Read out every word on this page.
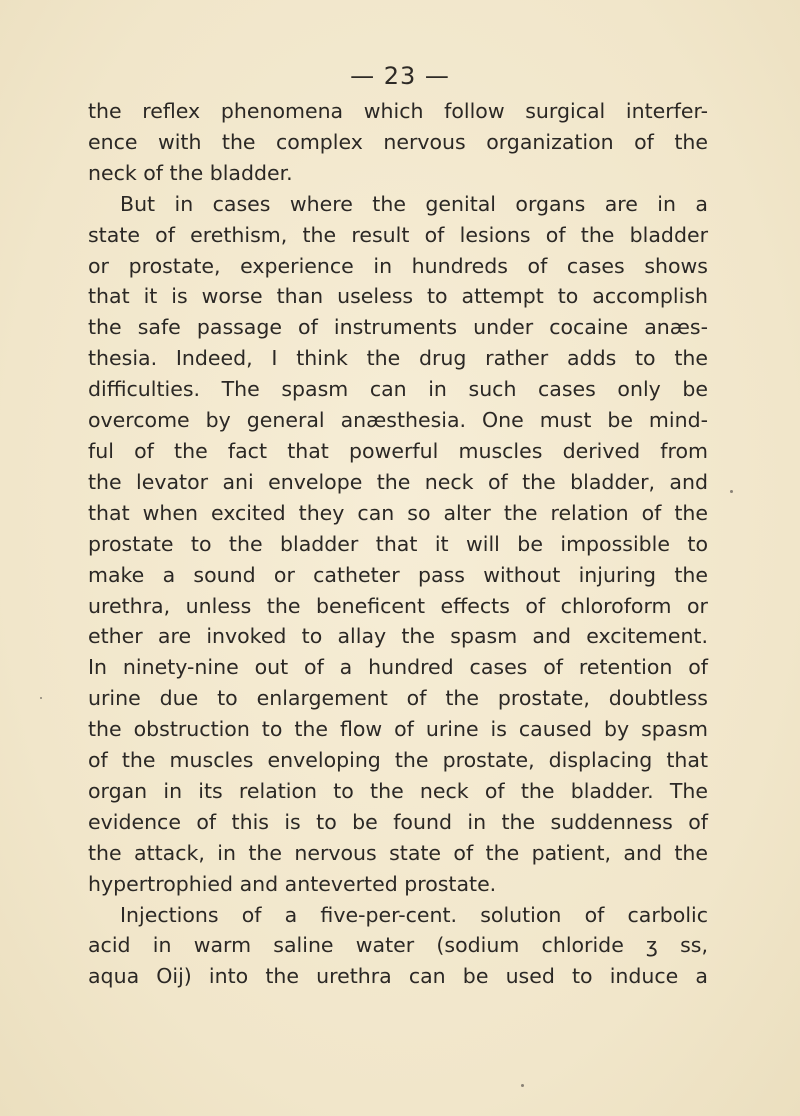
— 23 —
the reflex phenomena which follow surgical interfer-
ence with the complex nervous organization of the
neck of the bladder.
But in cases where the genital organs are in a
state of erethism, the result of lesions of the bladder
or prostate, experience in hundreds of cases shows
that it is worse than useless to attempt to accomplish
the safe passage of instruments under cocaine anæs-
thesia. Indeed, I think the drug rather adds to the
difficulties. The spasm can in such cases only be
overcome by general anæsthesia. One must be mind-
ful of the fact that powerful muscles derived from
the levator ani envelope the neck of the bladder, and
that when excited they can so alter the relation of the
prostate to the bladder that it will be impossible to
make a sound or catheter pass without injuring the
urethra, unless the beneficent effects of chloroform or
ether are invoked to allay the spasm and excitement.
In ninety-nine out of a hundred cases of retention of
urine due to enlargement of the prostate, doubtless
the obstruction to the flow of urine is caused by spasm
of the muscles enveloping the prostate, displacing that
organ in its relation to the neck of the bladder. The
evidence of this is to be found in the suddenness of
the attack, in the nervous state of the patient, and the
hypertrophied and anteverted prostate.
Injections of a five-per-cent. solution of carbolic
acid in warm saline water (sodium chloride ʒ ss,
aqua Oij) into the urethra can be used to induce a
